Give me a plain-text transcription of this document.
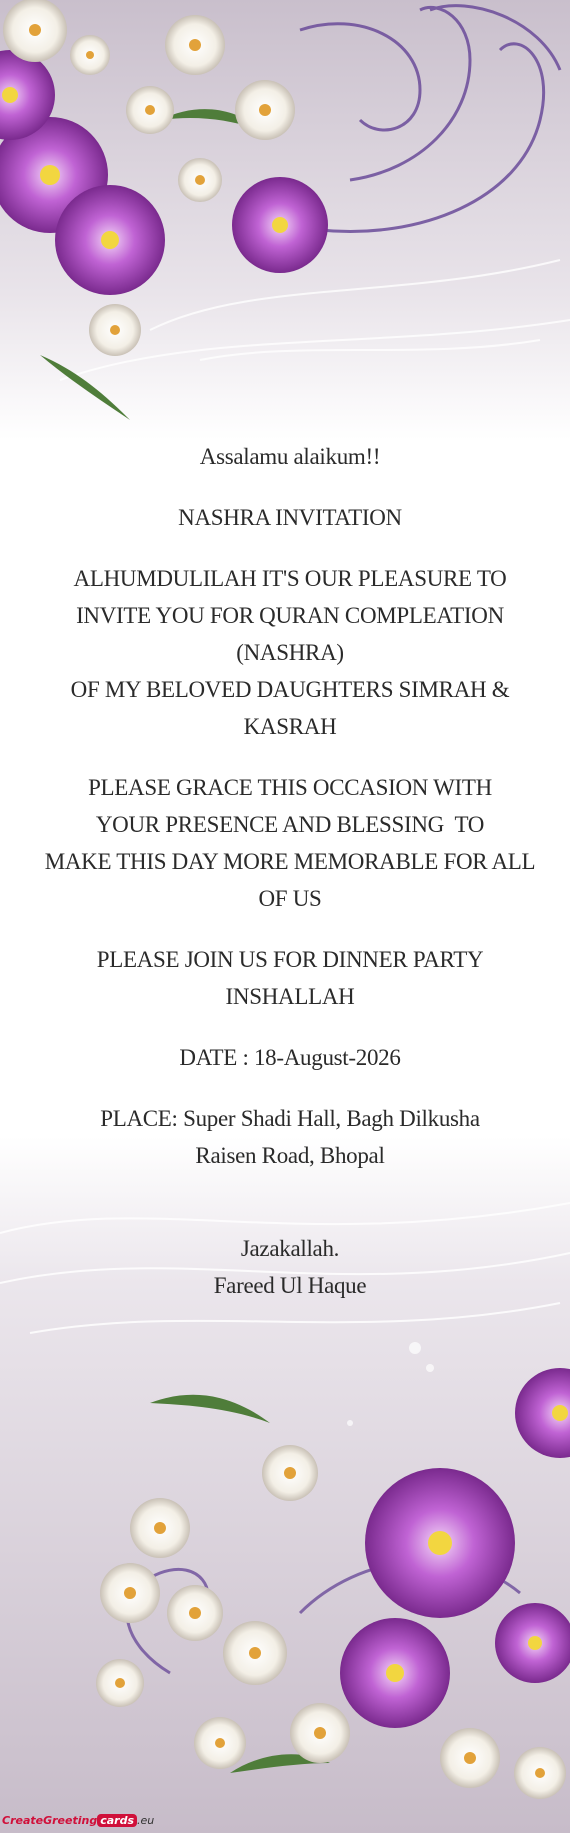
Assalamu alaikum!!
NASHRA INVITATION
ALHUMDULILAH IT'S OUR PLEASURE TO
INVITE YOU FOR QURAN COMPLEATION
(NASHRA)
OF MY BELOVED DAUGHTERS SIMRAH &
KASRAH
PLEASE GRACE THIS OCCASION WITH
YOUR PRESENCE AND BLESSING  TO
MAKE THIS DAY MORE MEMORABLE FOR ALL
OF US
PLEASE JOIN US FOR DINNER PARTY
INSHALLAH
DATE : 18-August-2026
PLACE: Super Shadi Hall, Bagh Dilkusha
Raisen Road, Bhopal
Jazakallah.
Fareed Ul Haque
CreateGreeting cards .eu
